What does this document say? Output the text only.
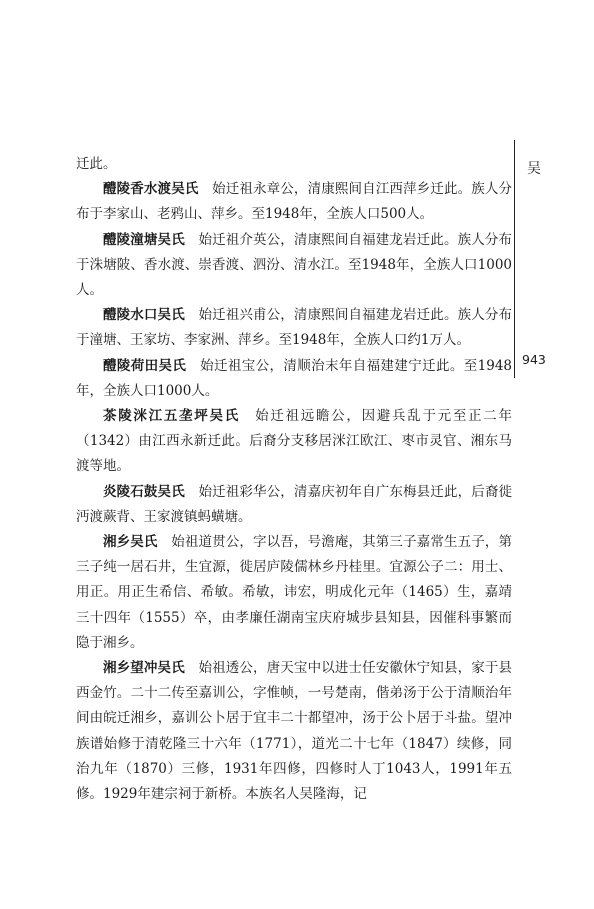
迁此。

醴陵香水渡吴氏　始迁祖永章公，清康熙间自江西萍乡迁此。族人分布于李家山、老鸦山、萍乡。至1948年，全族人口500人。

醴陵潼塘吴氏　始迁祖介英公，清康熙间自福建龙岩迁此。族人分布于洙塘陂、香水渡、崇香渡、泗汾、清水江。至1948年，全族人口1000人。

醴陵水口吴氏　始迁祖兴甫公，清康熙间自福建龙岩迁此。族人分布于潼塘、王家坊、李家洲、萍乡。至1948年，全族人口约1万人。

醴陵荷田吴氏　始迁祖宝公，清顺治末年自福建建宁迁此。至1948年，全族人口1000人。

茶陵洣江五垄坪吴氏　始迁祖远瞻公，因避兵乱于元至正二年（1342）由江西永新迁此。后裔分支移居洣江欧江、枣市灵官、湘东马渡等地。

炎陵石鼓吴氏　始迁祖彩华公，清嘉庆初年自广东梅县迁此，后裔徙沔渡蕨背、王家渡镇蚂蟥塘。

湘乡吴氏　始祖道贯公，字以吾，号澹庵，其第三子嘉常生五子，第三子纯一居石井，生宜源，徙居庐陵儒林乡丹桂里。宜源公子二：用士、用正。用正生希信、希敏。希敏，讳宏，明成化元年（1465）生，嘉靖三十四年（1555）卒，由孝廉任湖南宝庆府城步县知县，因催科事繁而隐于湘乡。

湘乡望冲吴氏　始祖透公，唐天宝中以进士任安徽休宁知县，家于县西金竹。二十二传至嘉训公，字惟帧，一号楚南，偕弟汤于公于清顺治年间由皖迁湘乡，嘉训公卜居于宜丰二十都望冲，汤于公卜居于斗盐。望冲族谱始修于清乾隆三十六年（1771），道光二十七年（1847）续修，同治九年（1870）三修，1931年四修，四修时人丁1043人，1991年五修。1929年建宗祠于新桥。本族名人吴隆海，记

吴
943
